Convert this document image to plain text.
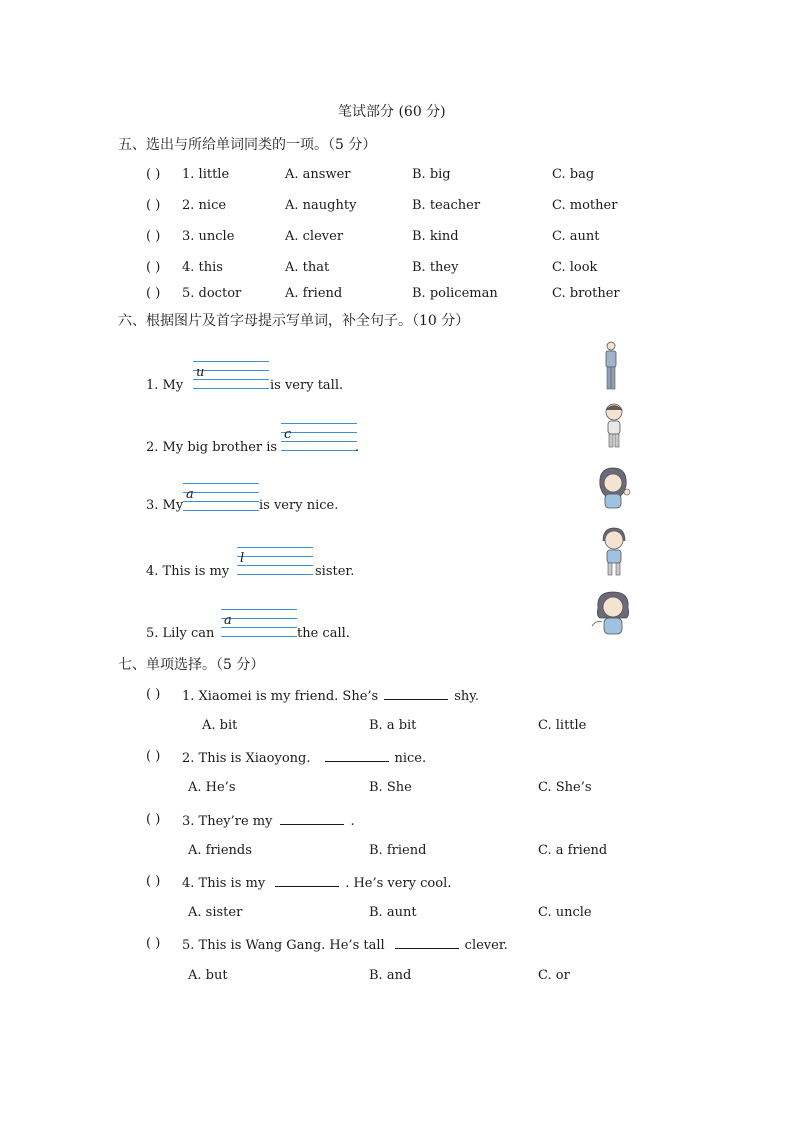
笔试部分 (60 分)
五、选出与所给单词同类的一项。（5 分）
( ) 1. little	A. answer	B. big	C. bag
( ) 2. nice	A. naughty	B. teacher	C. mother
( ) 3. uncle	A. clever	B. kind	C. aunt
( ) 4. this	A. that	B. they	C. look
( ) 5. doctor	A. friend	B. policeman	C. brother
六、根据图片及首字母提示写单词，补全句子。（10 分）
1. My
u
is very tall.
2. My big brother is
c
.
3. My
a
is very nice.
4. This is my
l
sister.
5. Lily can
a
the call.
七、单项选择。（5 分）
( ) 1. Xiaomei is my friend. She’s	shy.
A. bit	B. a bit	C. little
( ) 2. This is Xiaoyong.	nice.
A. He’s	B. She	C. She’s
( ) 3. They’re my	.
A. friends	B. friend	C. a friend
( ) 4. This is my	. He’s very cool.
A. sister	B. aunt	C. uncle
( ) 5. This is Wang Gang. He’s tall	clever.
A. but	B. and	C. or
